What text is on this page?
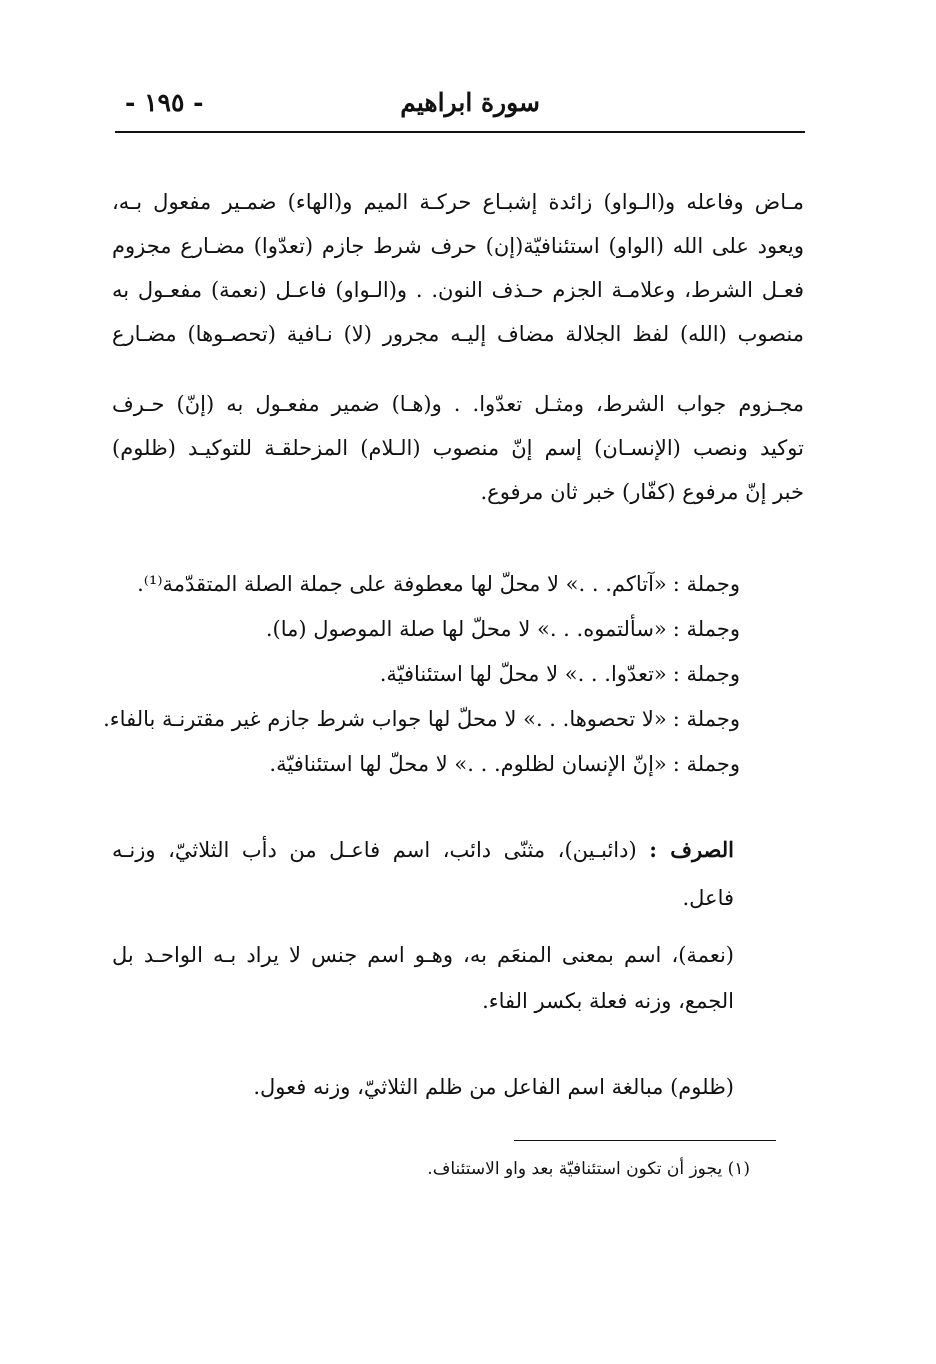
سورة ابراهيم
- ١٩٥ -
مـاض وفاعله و(الـواو) زائدة إشبـاع حركـة الميم و(الهاء) ضمـير مفعول بـه،
ويعود على الله (الواو) استئنافيّة(إن) حرف شرط جازم (تعدّوا) مضـارع مجزوم
فعـل الشرط، وعلامـة الجزم حـذف النون. . و(الـواو) فاعـل (نعمة) مفعـول به
منصوب (الله) لفظ الجلالة مضاف إليـه مجرور (لا) نـافية (تحصـوها) مضـارع
مجـزوم جواب الشرط، ومثـل تعدّوا. . و(هـا) ضمير مفعـول به (إنّ) حـرف
توكيد ونصب (الإنسـان) إسم إنّ منصوب (الـلام) المزحلقـة للتوكيـد (ظلوم)
خبر إنّ مرفوع (كفّار) خبر ثان مرفوع.
وجملة :«آتاكم. . .» لا محلّ لها معطوفة على جملة الصلة المتقدّمة⁽¹⁾.
وجملة :«سألتموه. . .» لا محلّ لها صلة الموصول (ما).
وجملة :«تعدّوا. . .» لا محلّ لها استئنافيّة.
وجملة :«لا تحصوها. . .» لا محلّ لها جواب شرط جازم غير مقترنـة بالفاء.
وجملة :«إنّ الإنسان لظلوم. . .» لا محلّ لها استئنافيّة.
الصرف : (دائبـين)، مثنّى دائب، اسم فاعـل من دأب الثلاثيّ، وزنـه
فاعل.
(نعمة)، اسم بمعنى المنعَم به، وهـو اسم جنس لا يراد بـه الواحـد بل
الجمع، وزنه فعلة بكسر الفاء.
(ظلوم) مبالغة اسم الفاعل من ظلم الثلاثيّ، وزنه فعول.
(١) يجوز أن تكون استئنافيّة بعد واو الاستئناف.
